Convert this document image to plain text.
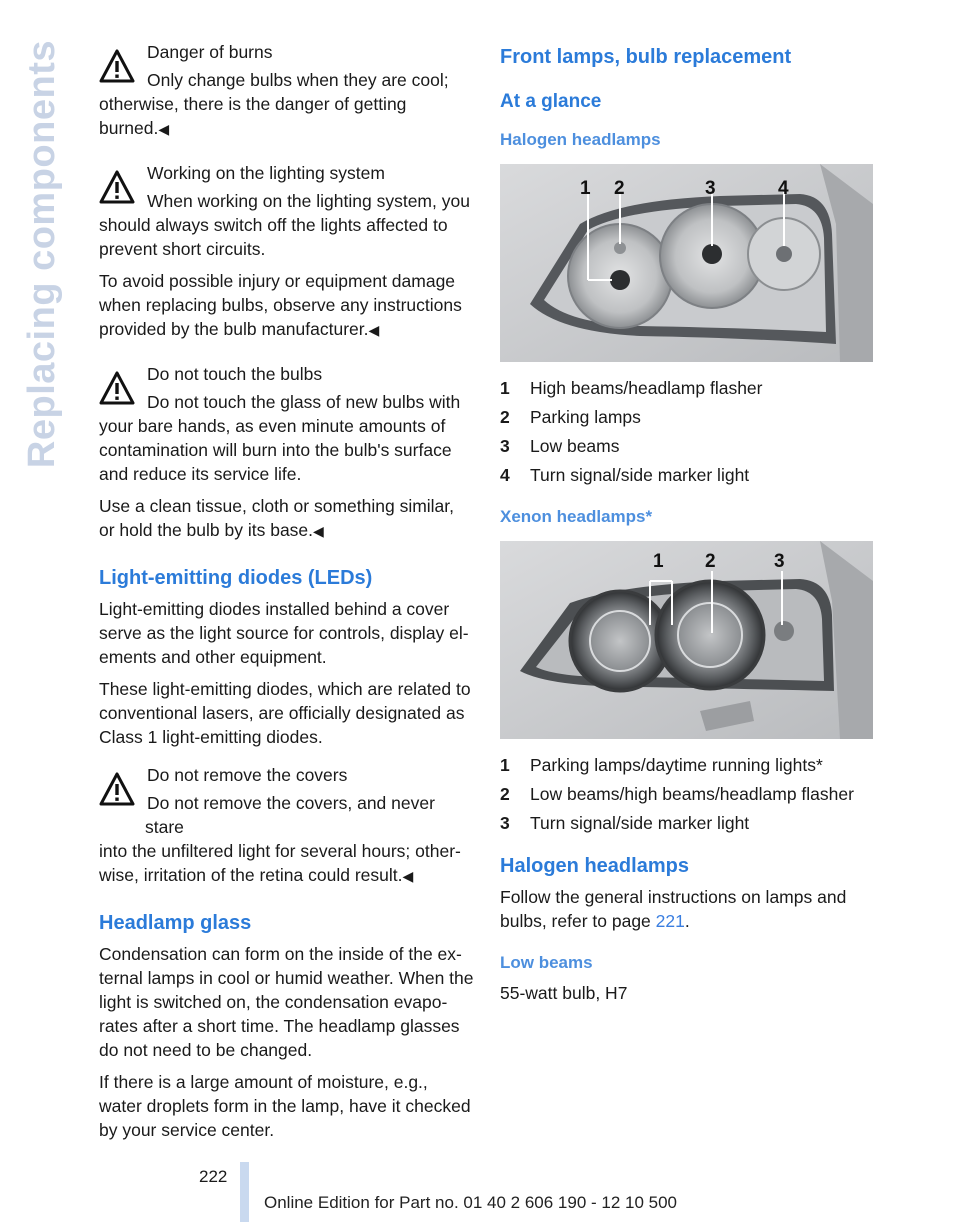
Replacing components	Danger of burns

Only change bulbs when they are cool;

otherwise, there is the danger of getting burned.◀

Working on the lighting system

When working on the lighting system, you

should always switch off the lights affected to prevent short circuits.

To avoid possible injury or equipment damage when replacing bulbs, observe any instructions provided by the bulb manufacturer.◀

Do not touch the bulbs

Do not touch the glass of new bulbs with

your bare hands, as even minute amounts of contamination will burn into the bulb's surface and reduce its service life.

Use a clean tissue, cloth or something similar, or hold the bulb by its base.◀

Light-emitting diodes (LEDs)

Light-emitting diodes installed behind a cover serve as the light source for controls, display el- ements and other equipment.

These light-emitting diodes, which are related to conventional lasers, are officially designated as Class 1 light-emitting diodes.

Do not remove the covers

Do not remove the covers, and never stare

into the unfiltered light for several hours; other- wise, irritation of the retina could result.◀

Headlamp glass

Condensation can form on the inside of the ex- ternal lamps in cool or humid weather. When the light is switched on, the condensation evapo- rates after a short time. The headlamp glasses do not need to be changed.

If there is a large amount of moisture, e.g., water droplets form in the lamp, have it checked by your service center.

Front lamps, bulb replacement
At a glance
Halogen headlamps
1 2	3	4
1	High beams/headlamp flasher
2	Parking lamps
3	Low beams
4	Turn signal/side marker light
Xenon headlamps*
1 2	3
1	Parking lamps/daytime running lights*
2	Low beams/high beams/headlamp flasher
3	Turn signal/side marker light
Halogen headlamps

Follow the general instructions on lamps and bulbs, refer to page 221.

Low beams

55-watt bulb, H7

222
Online Edition for Part no. 01 40 2 606 190 - 12 10 500
